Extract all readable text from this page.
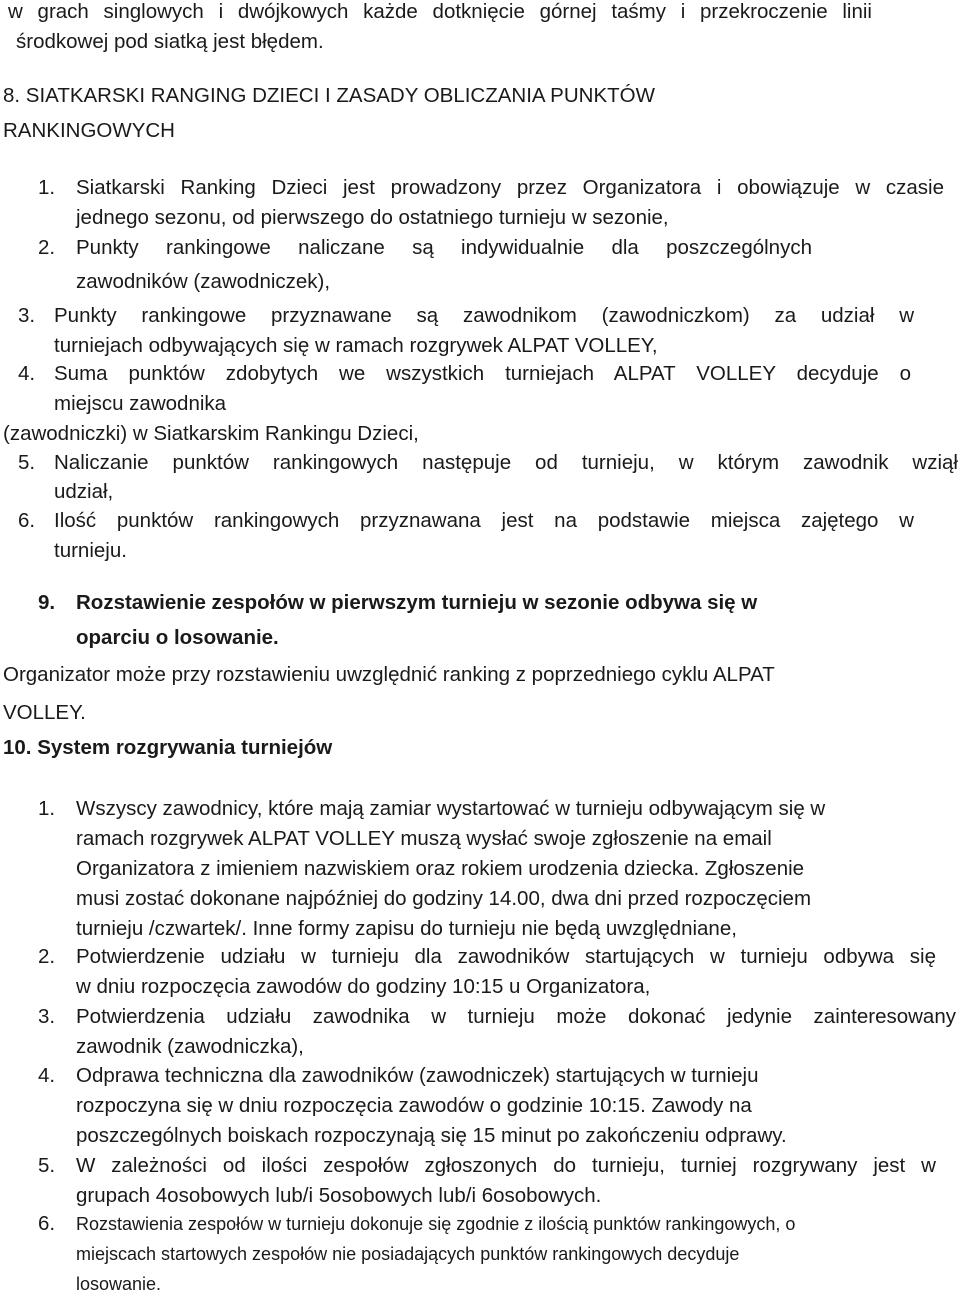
w grach singlowych i dwójkowych każde dotknięcie górnej taśmy i przekroczenie linii
środkowej pod siatką jest błędem.
8. SIATKARSKI RANGING DZIECI I ZASADY OBLICZANIA PUNKTÓW
RANKINGOWYCH
1. Siatkarski Ranking Dzieci jest prowadzony przez Organizatora i obowiązuje w czasie
jednego sezonu, od pierwszego do ostatniego turnieju w sezonie,
2. Punkty rankingowe naliczane są indywidualnie dla poszczególnych
zawodników (zawodniczek),
3. Punkty rankingowe przyznawane są zawodnikom (zawodniczkom) za udział w
turniejach odbywających się w ramach rozgrywek ALPAT VOLLEY,
4. Suma punktów zdobytych we wszystkich turniejach ALPAT VOLLEY decyduje o
miejscu zawodnika
(zawodniczki) w Siatkarskim Rankingu Dzieci,
5. Naliczanie punktów rankingowych następuje od turnieju, w którym zawodnik wziął
udział,
6. Ilość punktów rankingowych przyznawana jest na podstawie miejsca zajętego w
turnieju.
9. Rozstawienie zespołów w pierwszym turnieju w sezonie odbywa się w
oparciu o losowanie.
Organizator może przy rozstawieniu uwzględnić ranking z poprzedniego cyklu ALPAT
VOLLEY.
10. System rozgrywania turniejów
1. Wszyscy zawodnicy, które mają zamiar wystartować w turnieju odbywającym się w
ramach rozgrywek ALPAT VOLLEY muszą wysłać swoje zgłoszenie na email
Organizatora z imieniem nazwiskiem oraz rokiem urodzenia dziecka. Zgłoszenie
musi zostać dokonane najpóźniej do godziny 14.00, dwa dni przed rozpoczęciem
turnieju /czwartek/. Inne formy zapisu do turnieju nie będą uwzględniane,
2. Potwierdzenie udziału w turnieju dla zawodników startujących w turnieju odbywa się
w dniu rozpoczęcia zawodów do godziny 10:15 u Organizatora,
3. Potwierdzenia udziału zawodnika w turnieju może dokonać jedynie zainteresowany
zawodnik (zawodniczka),
4. Odprawa techniczna dla zawodników (zawodniczek) startujących w turnieju
rozpoczyna się w dniu rozpoczęcia zawodów o godzinie 10:15. Zawody na
poszczególnych boiskach rozpoczynają się 15 minut po zakończeniu odprawy.
5. W zależności od ilości zespołów zgłoszonych do turnieju, turniej rozgrywany jest w
grupach 4osobowych lub/i 5osobowych lub/i 6osobowych.
6. Rozstawienia zespołów w turnieju dokonuje się zgodnie z ilością punktów rankingowych, o
miejscach startowych zespołów nie posiadających punktów rankingowych decyduje
losowanie.
